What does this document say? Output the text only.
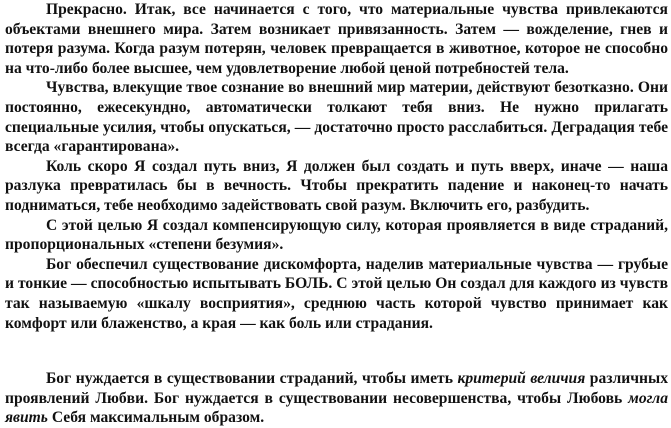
Прекрасно. Итак, все начинается с того, что материальные чувства привлекаются объектами внешнего мира. Затем возникает привязанность. Затем — вожделение, гнев и потеря разума. Когда разум потерян, человек превращается в животное, которое не способно на что-либо более высшее, чем удовлетворение любой ценой потребностей тела.

Чувства, влекущие твое сознание во внешний мир материи, действуют безотказно. Они постоянно, ежесекундно, автоматически толкают тебя вниз. Не нужно прилагать специальные усилия, чтобы опускаться, — достаточно просто расслабиться. Деградация тебе всегда «гарантирована».

Коль скоро Я создал путь вниз, Я должен был создать и путь вверх, иначе — наша разлука превратилась бы в вечность. Чтобы прекратить падение и наконец-то начать подниматься, тебе необходимо задействовать свой разум. Включить его, разбудить.

С этой целью Я создал компенсирующую силу, которая проявляется в виде страданий, пропорциональных «степени безумия».

Бог обеспечил существование дискомфорта, наделив материальные чувства — грубые и тонкие — способностью испытывать БОЛЬ. С этой целью Он создал для каждого из чувств так называемую «шкалу восприятия», среднюю часть которой чувство принимает как комфорт или блаженство, а края — как боль или страдания.

Бог нуждается в существовании страданий, чтобы иметь критерий величия различных проявлений Любви. Бог нуждается в существовании несовершенства, чтобы Любовь могла явить Себя максимальным образом.
